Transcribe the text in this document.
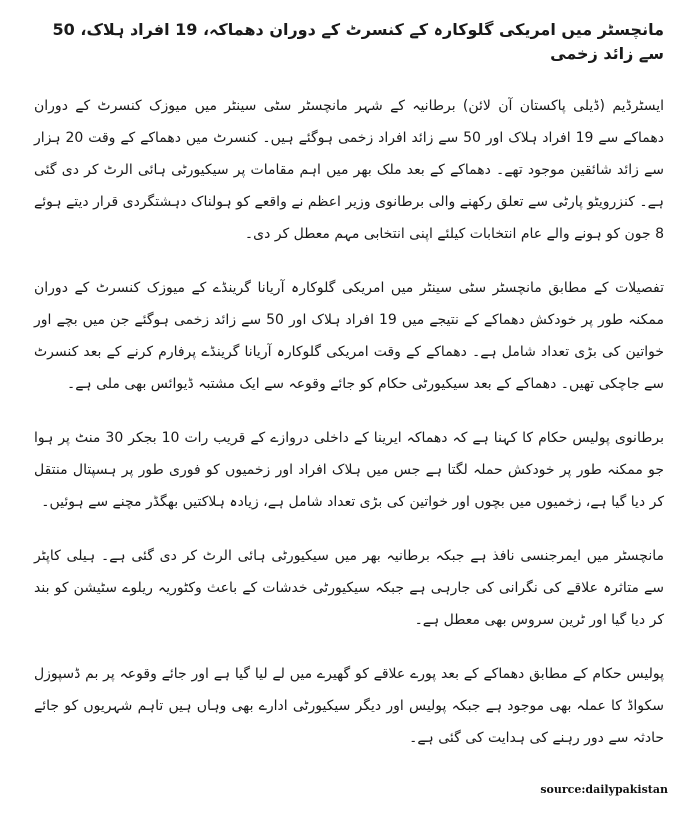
مانچسٹر میں امریکی گلوکارہ کے کنسرٹ کے دوران دھماکہ، 19 افراد ہلاک، 50 سے زائد زخمی

ایسٹرڈیم (ڈیلی پاکستان آن لائن) برطانیہ کے شہر مانچسٹر سٹی سینٹر میں میوزک کنسرٹ کے دوران دھماکے سے 19 افراد ہلاک اور 50 سے زائد افراد زخمی ہوگئے ہیں۔ کنسرٹ میں دھماکے کے وقت 20 ہزار سے زائد شائقین موجود تھے۔ دھماکے کے بعد ملک بھر میں اہم مقامات پر سیکیورٹی ہائی الرٹ کر دی گئی ہے۔ کنزرویٹو پارٹی سے تعلق رکھنے والی برطانوی وزیر اعظم نے واقعے کو ہولناک دہشتگردی قرار دیتے ہوئے 8 جون کو ہونے والے عام انتخابات کیلئے اپنی انتخابی مہم معطل کر دی۔

تفصیلات کے مطابق مانچسٹر سٹی سینٹر میں امریکی گلوکارہ آریانا گرینڈے کے میوزک کنسرٹ کے دوران ممکنہ طور پر خودکش دھماکے کے نتیجے میں 19 افراد ہلاک اور 50 سے زائد زخمی ہوگئے جن میں بچے اور خواتین کی بڑی تعداد شامل ہے۔ دھماکے کے وقت امریکی گلوکارہ آریانا گرینڈے پرفارم کرنے کے بعد کنسرٹ سے جاچکی تھیں۔ دھماکے کے بعد سیکیورٹی حکام کو جائے وقوعہ سے ایک مشتبہ ڈیوائس بھی ملی ہے۔

برطانوی پولیس حکام کا کہنا ہے کہ دھماکہ ایرینا کے داخلی دروازے کے قریب رات 10 بجکر 30 منٹ پر ہوا جو ممکنہ طور پر خودکش حملہ لگتا ہے جس میں ہلاک افراد اور زخمیوں کو فوری طور پر ہسپتال منتقل کر دیا گیا ہے، زخمیوں میں بچوں اور خواتین کی بڑی تعداد شامل ہے، زیادہ ہلاکتیں بھگڈر مچنے سے ہوئیں۔

مانچسٹر میں ایمرجنسی نافذ ہے جبکہ برطانیہ بھر میں سیکیورٹی ہائی الرٹ کر دی گئی ہے۔ ہیلی کاپٹر سے متاثرہ علاقے کی نگرانی کی جارہی ہے جبکہ سیکیورٹی خدشات کے باعث وکٹوریہ ریلوے سٹیشن کو بند کر دیا گیا اور ٹرین سروس بھی معطل ہے۔

پولیس حکام کے مطابق دھماکے کے بعد پورے علاقے کو گھیرے میں لے لیا گیا ہے اور جائے وقوعہ پر بم ڈسپوزل سکواڈ کا عملہ بھی موجود ہے جبکہ پولیس اور دیگر سیکیورٹی ادارے بھی وہاں ہیں تاہم شہریوں کو جائے حادثہ سے دور رہنے کی ہدایت کی گئی ہے۔

source:dailypakistan
